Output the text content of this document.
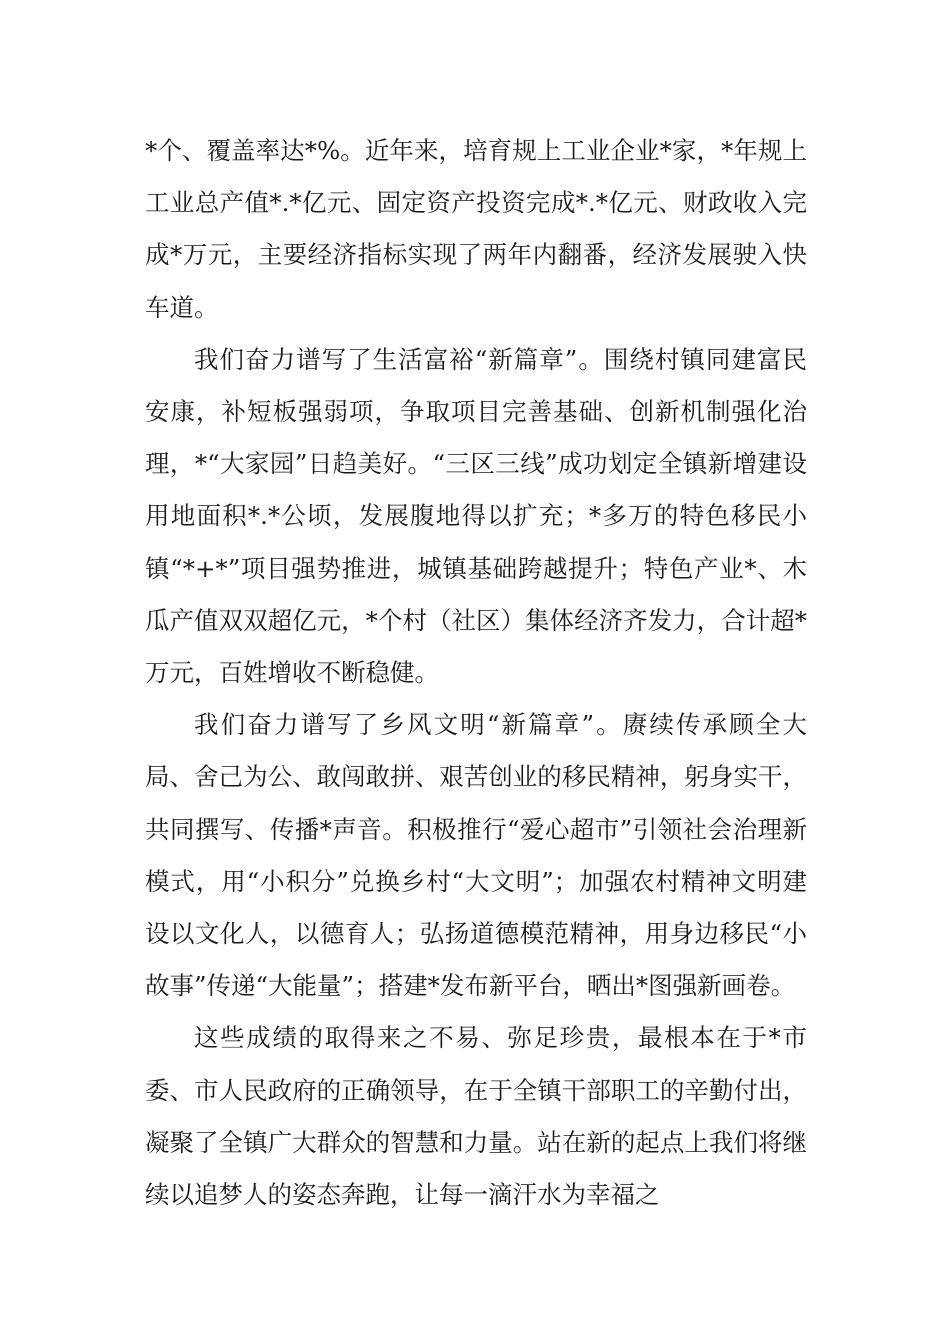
*个、覆盖率达*%。近年来，培育规上工业企业*家，*年规上工业总产值*.*亿元、固定资产投资完成*.*亿元、财政收入完成*万元，主要经济指标实现了两年内翻番，经济发展驶入快车道。

我们奋力谱写了生活富裕“新篇章”。围绕村镇同建富民安康，补短板强弱项，争取项目完善基础、创新机制强化治理，*“大家园”日趋美好。“三区三线”成功划定全镇新增建设用地面积*.*公顷，发展腹地得以扩充；*多万的特色移民小镇“*+*”项目强势推进，城镇基础跨越提升；特色产业*、木瓜产值双双超亿元，*个村（社区）集体经济齐发力，合计超*万元，百姓增收不断稳健。

我们奋力谱写了乡风文明“新篇章”。赓续传承顾全大局、舍己为公、敢闯敢拼、艰苦创业的移民精神，躬身实干，共同撰写、传播*声音。积极推行“爱心超市”引领社会治理新模式，用“小积分”兑换乡村“大文明”；加强农村精神文明建设以文化人，以德育人；弘扬道德模范精神，用身边移民“小故事”传递“大能量”；搭建*发布新平台，晒出*图强新画卷。

这些成绩的取得来之不易、弥足珍贵，最根本在于*市委、市人民政府的正确领导，在于全镇干部职工的辛勤付出，凝聚了全镇广大群众的智慧和力量。站在新的起点上我们将继续以追梦人的姿态奔跑，让每一滴汗水为幸福之
